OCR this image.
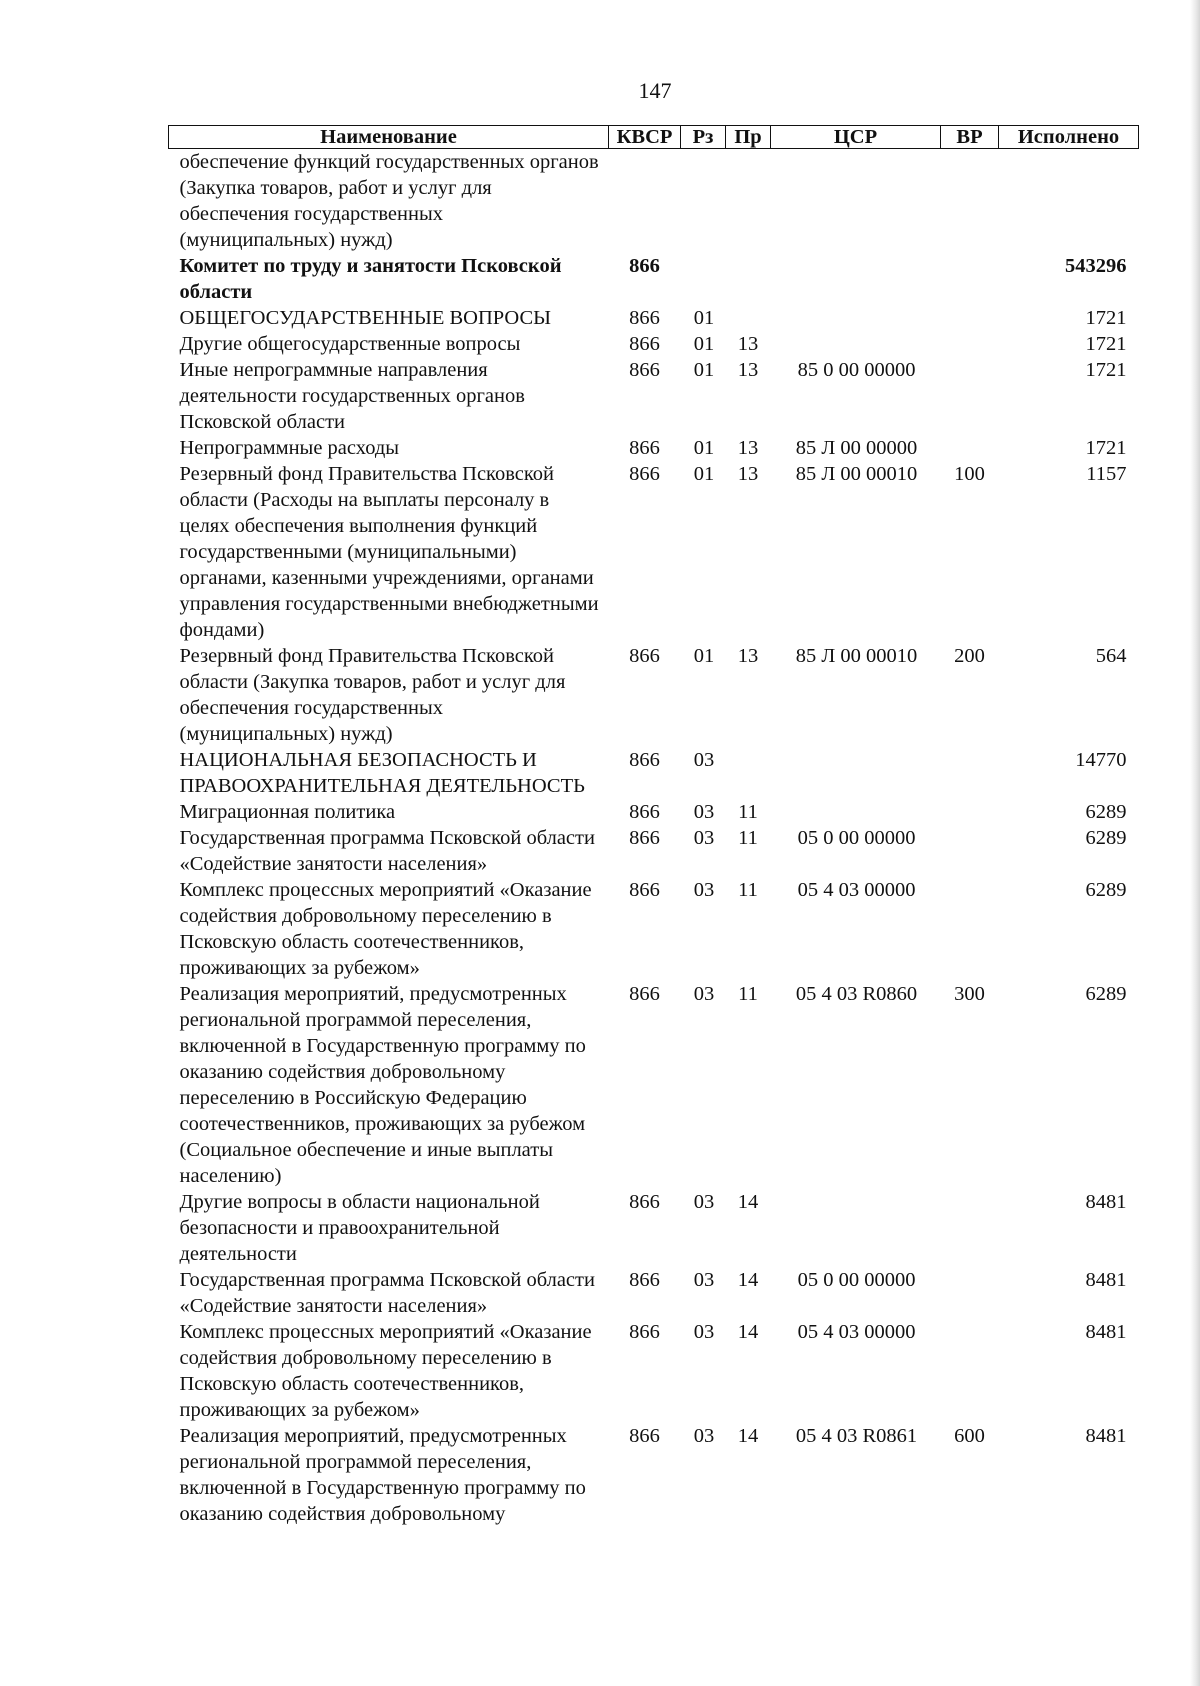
147
Наименование	КВСР	Рз	Пр	ЦСР	ВР	Исполнено
обеспечение функций государственных органов (Закупка товаров, работ и услуг для обеспечения государственных (муниципальных) нужд)						
Комитет по труду и занятости Псковской области	866					543296
ОБЩЕГОСУДАРСТВЕННЫЕ ВОПРОСЫ	866	01				1721
Другие общегосударственные вопросы	866	01	13			1721
Иные непрограммные направления деятельности государственных органов Псковской области	866	01	13	85 0 00 00000		1721
Непрограммные расходы	866	01	13	85 Л 00 00000		1721
Резервный фонд Правительства Псковской области (Расходы на выплаты персоналу в целях обеспечения выполнения функций государственными (муниципальными) органами, казенными учреждениями, органами управления государственными внебюджетными фондами)	866	01	13	85 Л 00 00010	100	1157
Резервный фонд Правительства Псковской области (Закупка товаров, работ и услуг для обеспечения государственных (муниципальных) нужд)	866	01	13	85 Л 00 00010	200	564
НАЦИОНАЛЬНАЯ БЕЗОПАСНОСТЬ И ПРАВООХРАНИТЕЛЬНАЯ ДЕЯТЕЛЬНОСТЬ	866	03				14770
Миграционная политика	866	03	11			6289
Государственная программа Псковской области «Содействие занятости населения»	866	03	11	05 0 00 00000		6289
Комплекс процессных мероприятий «Оказание содействия добровольному переселению в Псковскую область соотечественников, проживающих за рубежом»	866	03	11	05 4 03 00000		6289
Реализация мероприятий, предусмотренных региональной программой переселения, включенной в Государственную программу по оказанию содействия добровольному переселению в Российскую Федерацию соотечественников, проживающих за рубежом (Социальное обеспечение и иные выплаты населению)	866	03	11	05 4 03 R0860	300	6289
Другие вопросы в области национальной безопасности и правоохранительной деятельности	866	03	14			8481
Государственная программа Псковской области «Содействие занятости населения»	866	03	14	05 0 00 00000		8481
Комплекс процессных мероприятий «Оказание содействия добровольному переселению в Псковскую область соотечественников, проживающих за рубежом»	866	03	14	05 4 03 00000		8481
Реализация мероприятий, предусмотренных региональной программой переселения, включенной в Государственную программу по оказанию содействия добровольному	866	03	14	05 4 03 R0861	600	8481
